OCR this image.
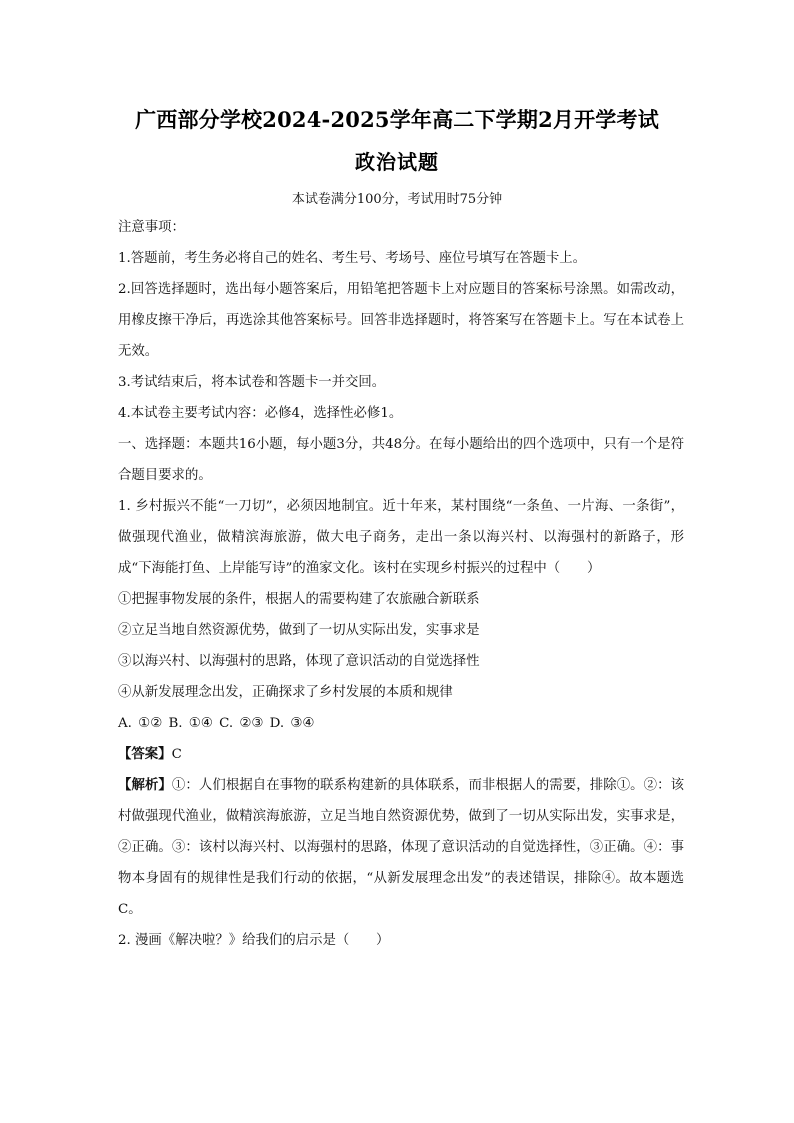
广西部分学校2024-2025学年高二下学期2月开学考试
政治试题
本试卷满分100分，考试用时75分钟

注意事项：

1.答题前，考生务必将自己的姓名、考生号、考场号、座位号填写在答题卡上。

2.回答选择题时，选出每小题答案后，用铅笔把答题卡上对应题目的答案标号涂黑。如需改动，用橡皮擦干净后，再选涂其他答案标号。回答非选择题时，将答案写在答题卡上。写在本试卷上无效。

3.考试结束后，将本试卷和答题卡一并交回。

4.本试卷主要考试内容：必修4，选择性必修1。

一、选择题：本题共16小题，每小题3分，共48分。在每小题给出的四个选项中，只有一个是符合题目要求的。

1. 乡村振兴不能“一刀切”，必须因地制宜。近十年来，某村围绕“一条鱼、一片海、一条街”，做强现代渔业，做精滨海旅游，做大电子商务，走出一条以海兴村、以海强村的新路子，形成“下海能打鱼、上岸能写诗”的渔家文化。该村在实现乡村振兴的过程中（　　）

①把握事物发展的条件，根据人的需要构建了农旅融合新联系

②立足当地自然资源优势，做到了一切从实际出发，实事求是

③以海兴村、以海强村的思路，体现了意识活动的自觉选择性

④从新发展理念出发，正确探求了乡村发展的本质和规律

A. ①② B. ①④ C. ②③ D. ③④

【答案】C

【解析】①：人们根据自在事物的联系构建新的具体联系，而非根据人的需要，排除①。②：该村做强现代渔业，做精滨海旅游，立足当地自然资源优势，做到了一切从实际出发，实事求是，②正确。③：该村以海兴村、以海强村的思路，体现了意识活动的自觉选择性，③正确。④：事物本身固有的规律性是我们行动的依据，“从新发展理念出发”的表述错误，排除④。故本题选C。

2. 漫画《解决啦？》给我们的启示是（　　）
